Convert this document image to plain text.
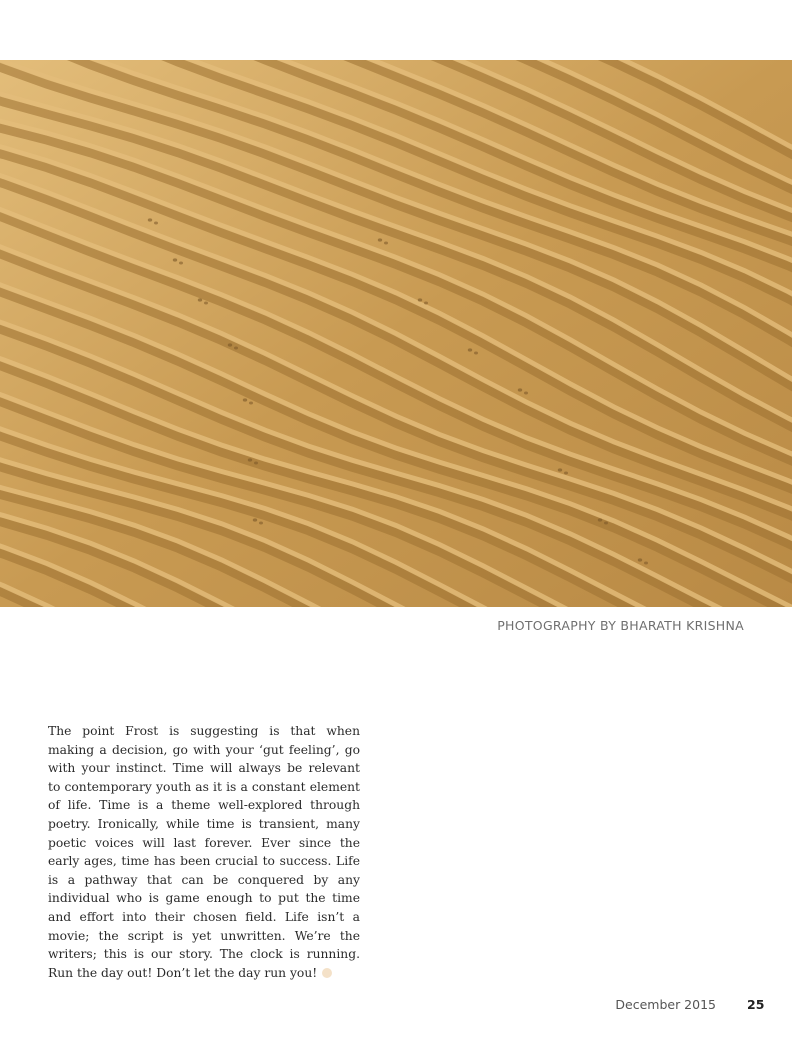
PHOTOGRAPHY BY BHARATH KRISHNA

The point Frost is suggesting is that when making a decision, go with your ‘gut feeling’, go with your instinct. Time will always be relevant to contemporary youth as it is a constant element of life. Time is a theme well-explored through poetry. Ironically, while time is transient, many poetic voices will last forever. Ever since the early ages, time has been crucial to success. Life is a pathway that can be conquered by any individual who is game enough to put the time and effort into their chosen field. Life isn’t a movie; the script is yet unwritten. We’re the writers; this is our story. The clock is running. Run the day out! Don’t let the day run you!

December 2015 25
